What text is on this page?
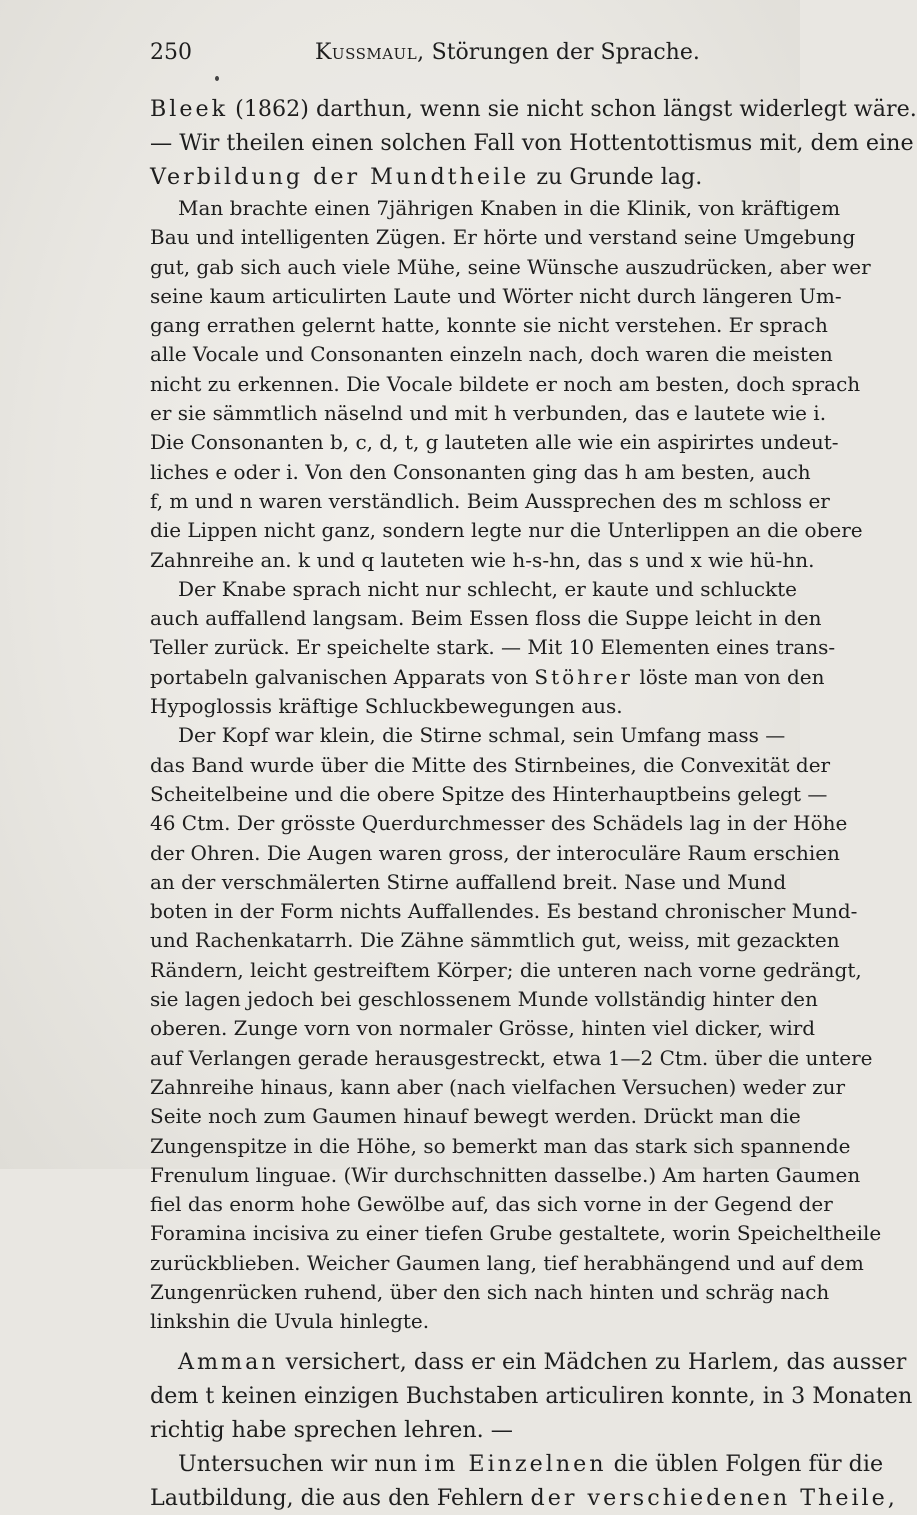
250	Kussmaul, Störungen der Sprache.
Bleek (1862) darthun, wenn sie nicht schon längst widerlegt wäre.
— Wir theilen einen solchen Fall von Hottentottismus mit, dem eine
Verbildung der Mundtheile zu Grunde lag.
Man brachte einen 7jährigen Knaben in die Klinik, von kräftigem
Bau und intelligenten Zügen. Er hörte und verstand seine Umgebung
gut, gab sich auch viele Mühe, seine Wünsche auszudrücken, aber wer
seine kaum articulirten Laute und Wörter nicht durch längeren Um-
gang errathen gelernt hatte, konnte sie nicht verstehen. Er sprach
alle Vocale und Consonanten einzeln nach, doch waren die meisten
nicht zu erkennen. Die Vocale bildete er noch am besten, doch sprach
er sie sämmtlich näselnd und mit h verbunden, das e lautete wie i.
Die Consonanten b, c, d, t, g lauteten alle wie ein aspirirtes undeut-
liches e oder i. Von den Consonanten ging das h am besten, auch
f, m und n waren verständlich. Beim Aussprechen des m schloss er
die Lippen nicht ganz, sondern legte nur die Unterlippen an die obere
Zahnreihe an. k und q lauteten wie h-s-hn, das s und x wie hü-hn.
Der Knabe sprach nicht nur schlecht, er kaute und schluckte
auch auffallend langsam. Beim Essen floss die Suppe leicht in den
Teller zurück. Er speichelte stark. — Mit 10 Elementen eines trans-
portabeln galvanischen Apparats von Stöhrer löste man von den
Hypoglossis kräftige Schluckbewegungen aus.
Der Kopf war klein, die Stirne schmal, sein Umfang mass —
das Band wurde über die Mitte des Stirnbeines, die Convexität der
Scheitelbeine und die obere Spitze des Hinterhauptbeins gelegt —
46 Ctm. Der grösste Querdurchmesser des Schädels lag in der Höhe
der Ohren. Die Augen waren gross, der interoculäre Raum erschien
an der verschmälerten Stirne auffallend breit. Nase und Mund
boten in der Form nichts Auffallendes. Es bestand chronischer Mund-
und Rachenkatarrh. Die Zähne sämmtlich gut, weiss, mit gezackten
Rändern, leicht gestreiftem Körper; die unteren nach vorne gedrängt,
sie lagen jedoch bei geschlossenem Munde vollständig hinter den
oberen. Zunge vorn von normaler Grösse, hinten viel dicker, wird
auf Verlangen gerade herausgestreckt, etwa 1—2 Ctm. über die untere
Zahnreihe hinaus, kann aber (nach vielfachen Versuchen) weder zur
Seite noch zum Gaumen hinauf bewegt werden. Drückt man die
Zungenspitze in die Höhe, so bemerkt man das stark sich spannende
Frenulum linguae. (Wir durchschnitten dasselbe.) Am harten Gaumen
fiel das enorm hohe Gewölbe auf, das sich vorne in der Gegend der
Foramina incisiva zu einer tiefen Grube gestaltete, worin Speicheltheile
zurückblieben. Weicher Gaumen lang, tief herabhängend und auf dem
Zungenrücken ruhend, über den sich nach hinten und schräg nach
linkshin die Uvula hinlegte.
Amman versichert, dass er ein Mädchen zu Harlem, das ausser
dem t keinen einzigen Buchstaben articuliren konnte, in 3 Monaten
richtig habe sprechen lehren. —
Untersuchen wir nun im Einzelnen die üblen Folgen für die
Lautbildung, die aus den Fehlern der verschiedenen Theile,
